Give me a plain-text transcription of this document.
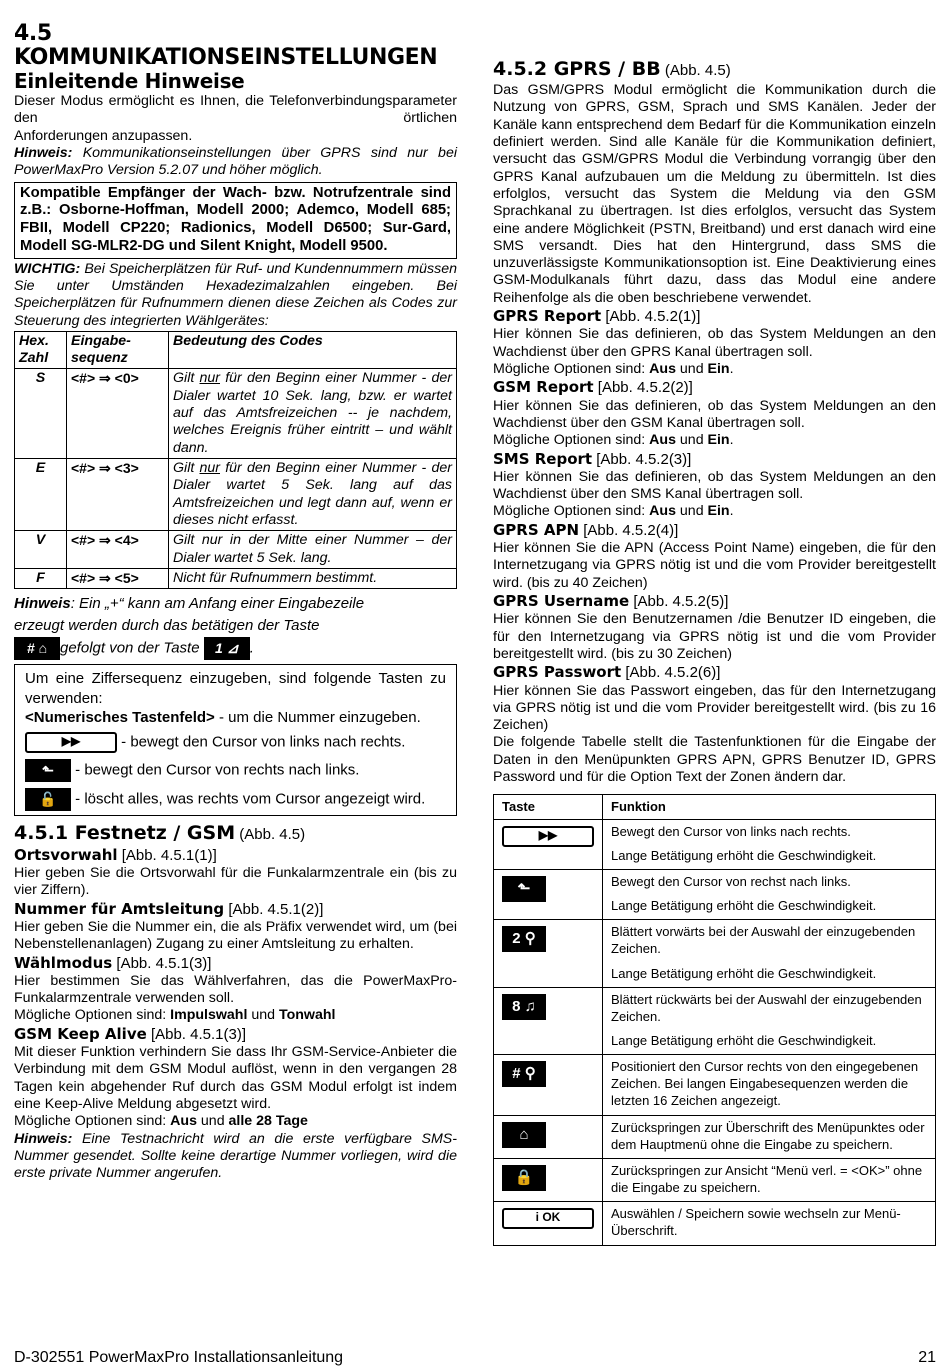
4.5 KOMMUNIKATIONSEINSTELLUNGEN
Einleitende Hinweise

Dieser Modus ermöglicht es Ihnen, die Telefonverbindungsparameter den örtlichen

Anforderungen anzupassen.

Hinweis: Kommunikationseinstellungen über GPRS sind nur bei PowerMaxPro Version 5.2.07 und höher möglich.

Kompatible Empfänger der Wach- bzw. Notrufzentrale sind z.B.: Osborne-Hoffman, Modell 2000; Ademco, Modell 685; FBII, Modell CP220; Radionics, Modell D6500; Sur-Gard, Modell SG-MLR2-DG und Silent Knight, Modell 9500.

WICHTIG: Bei Speicherplätzen für Ruf- und Kundennummern müssen Sie unter Umständen Hexadezimalzahlen eingeben. Bei Speicherplätzen für Rufnummern dienen diese Zeichen als Codes zur Steuerung des integrierten Wählgerätes:

Hex. Zahl	Eingabe-sequenz	Bedeutung des Codes
S	<#> ⇒ <0>	Gilt nur für den Beginn einer Nummer - der Dialer wartet 10 Sek. lang, bzw. er wartet auf das Amtsfreizeichen -- je nachdem, welches Ereignis früher eintritt – und wählt dann.
E	<#> ⇒ <3>	Gilt nur für den Beginn einer Nummer - der Dialer wartet 5 Sek. lang auf das Amtsfreizeichen und legt dann auf, wenn er dieses nicht erfasst.
V	<#> ⇒ <4>	Gilt nur in der Mitte einer Nummer – der Dialer wartet 5 Sek. lang.
F	<#> ⇒ <5>	Nicht für Rufnummern bestimmt.
Hinweis: Ein „+“ kann am Anfang einer Eingabezeile
erzeugt werden durch das betätigen der Taste
# ⌂ gefolgt von der Taste 1 ⊿ .

Um eine Ziffersequenz einzugeben, sind folgende Tasten zu verwenden:

<Numerisches Tastenfeld> - um die Nummer einzugeben.

▶▶ - bewegt den Cursor von links nach rechts.

⬑ - bewegt den Cursor von rechts nach links.

🔓 - löscht alles, was rechts vom Cursor angezeigt wird.

4.5.1 Festnetz / GSM (Abb. 4.5)
Ortsvorwahl [Abb. 4.5.1(1)]

Hier geben Sie die Ortsvorwahl für die Funkalarmzentrale ein (bis zu vier Ziffern).

Nummer für Amtsleitung [Abb. 4.5.1(2)]

Hier geben Sie die Nummer ein, die als Präfix verwendet wird, um (bei Nebenstellenanlagen) Zugang zu einer Amtsleitung zu erhalten.

Wählmodus [Abb. 4.5.1(3)]

Hier bestimmen Sie das Wählverfahren, das die PowerMaxPro-Funkalarmzentrale verwenden soll.

Mögliche Optionen sind: Impulswahl und Tonwahl

GSM Keep Alive [Abb. 4.5.1(3)]

Mit dieser Funktion verhindern Sie dass Ihr GSM-Service-Anbieter die Verbindung mit dem GSM Modul auflöst, wenn in den vergangen 28 Tagen kein abgehender Ruf durch das GSM Modul erfolgt ist indem eine Keep-Alive Meldung abgesetzt wird.

Mögliche Optionen sind: Aus und alle 28 Tage

Hinweis: Eine Testnachricht wird an die erste verfügbare SMS-Nummer gesendet. Sollte keine derartige Nummer vorliegen, wird die erste private Nummer angerufen.

4.5.2 GPRS / BB (Abb. 4.5)

Das GSM/GPRS Modul ermöglicht die Kommunikation durch die Nutzung von GPRS, GSM, Sprach und SMS Kanälen. Jeder der Kanäle kann entsprechend dem Bedarf für die Kommunikation einzeln definiert werden. Sind alle Kanäle für die Kommunikation definiert, versucht das GSM/GPRS Modul die Verbindung vorrangig über den GPRS Kanal aufzubauen um die Meldung zu übermitteln. Ist dies erfolglos, versucht das System die Meldung via den GSM Sprachkanal zu übertragen. Ist dies erfolglos, versucht das System eine andere Möglichkeit (PSTN, Breitband) und erst danach wird eine SMS versandt. Dies hat den Hintergrund, dass SMS die unzuverlässigste Kommunikationsoption ist. Eine Deaktivierung eines GSM-Modulkanals führt dazu, dass das Modul eine andere Reihenfolge als die oben beschriebene verwendet.

GPRS Report [Abb. 4.5.2(1)]

Hier können Sie das definieren, ob das System Meldungen an den Wachdienst über den GPRS Kanal übertragen soll.

Mögliche Optionen sind: Aus und Ein.

GSM Report [Abb. 4.5.2(2)]

Hier können Sie das definieren, ob das System Meldungen an den Wachdienst über den GSM Kanal übertragen soll.

Mögliche Optionen sind: Aus und Ein.

SMS Report [Abb. 4.5.2(3)]

Hier können Sie das definieren, ob das System Meldungen an den Wachdienst über den SMS Kanal übertragen soll.

Mögliche Optionen sind: Aus und Ein.

GPRS APN [Abb. 4.5.2(4)]

Hier können Sie die APN (Access Point Name) eingeben, die für den Internetzugang via GPRS nötig ist und die vom Provider bereitgestellt wird. (bis zu 40 Zeichen)

GPRS Username [Abb. 4.5.2(5)]

Hier können Sie den Benutzernamen /die Benutzer ID eingeben, die für den Internetzugang via GPRS nötig ist und die vom Provider bereitgestellt wird. (bis zu 30 Zeichen)

GPRS Passwort [Abb. 4.5.2(6)]

Hier können Sie das Passwort eingeben, das für den Internetzugang via GPRS nötig ist und die vom Provider bereitgestellt wird. (bis zu 16 Zeichen)

Die folgende Tabelle stellt die Tastenfunktionen für die Eingabe der Daten in den Menüpunkten GPRS APN, GPRS Benutzer ID, GPRS Password und für die Option Text der Zonen ändern dar.

Taste	Funktion
▶▶	Bewegt den Cursor von links nach rechts.

Lange Betätigung erhöht die Geschwindigkeit.

⬑	Bewegt den Cursor von rechst nach links.

Lange Betätigung erhöht die Geschwindigkeit.

2 ⚲	Blättert vorwärts bei der Auswahl der einzugebenden Zeichen.

Lange Betätigung erhöht die Geschwindigkeit.

8 ♫	Blättert rückwärts bei der Auswahl der einzugebenden Zeichen.

Lange Betätigung erhöht die Geschwindigkeit.

# ⚲	Positioniert den Cursor rechts von den eingegebenen Zeichen. Bei langen Eingabesequenzen werden die letzten 16 Zeichen angezeigt.

⌂	Zurückspringen zur Überschrift des Menüpunktes oder dem Hauptmenü ohne die Eingabe zu speichern.

🔒	Zurückspringen zur Ansicht “Menü verl. = <OK>” ohne die Eingabe zu speichern.

i OK	Auswählen / Speichern sowie wechseln zur Menü-Überschrift.

D-302551 PowerMaxPro Installationsanleitung	21
